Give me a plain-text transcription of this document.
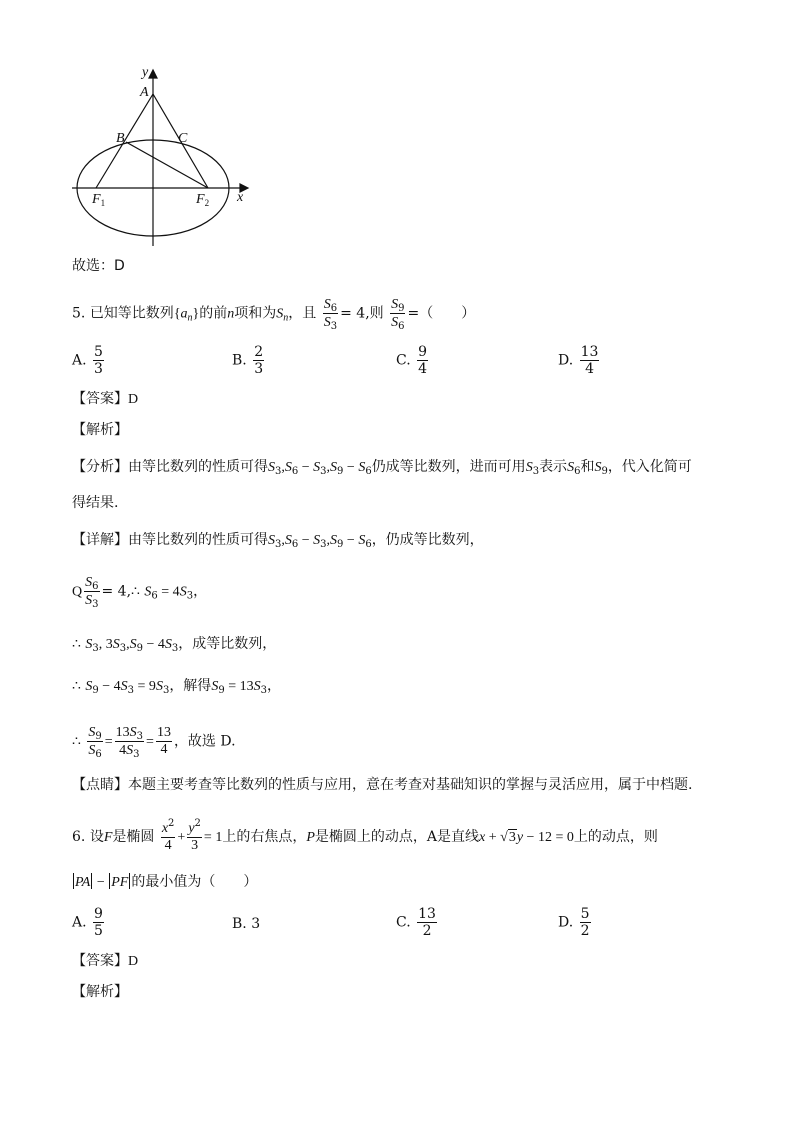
y
A
B	C
x
$F_1$	$F_2$
故选：D
5. 已知等比数列$\{a_n\}$的前n项和为$S_n$，且 $\frac{S_6}{S_3} = 4$,则 $\frac{S_9}{S_6}$ =（　　）
A. $\frac{5}{3}$	B. $\frac{2}{3}$	C. $\frac{9}{4}$	D. $\frac{13}{4}$
【答案】D
【解析】
【分析】由等比数列的性质可得$S_3,S_6 - S_3,S_9 - S_6$仍成等比数列，进而可用$S_3$表示$S_6$和$S_9$，代入化简可
得结果.
【详解】由等比数列的性质可得$S_3,S_6 - S_3,S_9 - S_6$，仍成等比数列，
Q $\frac{S_6}{S_3}$ = 4,∴ $S_6 = 4S_3$，
∴ $S_3$, $3S_3,S_9 - 4S_3$，成等比数列，
∴ $S_9 - 4S_3 = 9S_3$，解得$S_9 = 13S_3$，
∴ $\frac{S_9}{S_6} = \frac{13S_3}{4S_3} = \frac{13}{4}$ ，故选 D.
【点睛】本题主要考查等比数列的性质与应用，意在考查对基础知识的掌握与灵活应用，属于中档题.
6. 设F是椭圆 $\frac{x^2}{4} + \frac{y^2}{3} = 1$上的右焦点，P是椭圆上的动点，A是直线x + √3y − 12 = 0上的动点，则
PA − PF 的最小值为（　　）
A. $\frac{9}{5}$	B. 3	C. $\frac{13}{2}$	D. $\frac{5}{2}$
【答案】D
【解析】
